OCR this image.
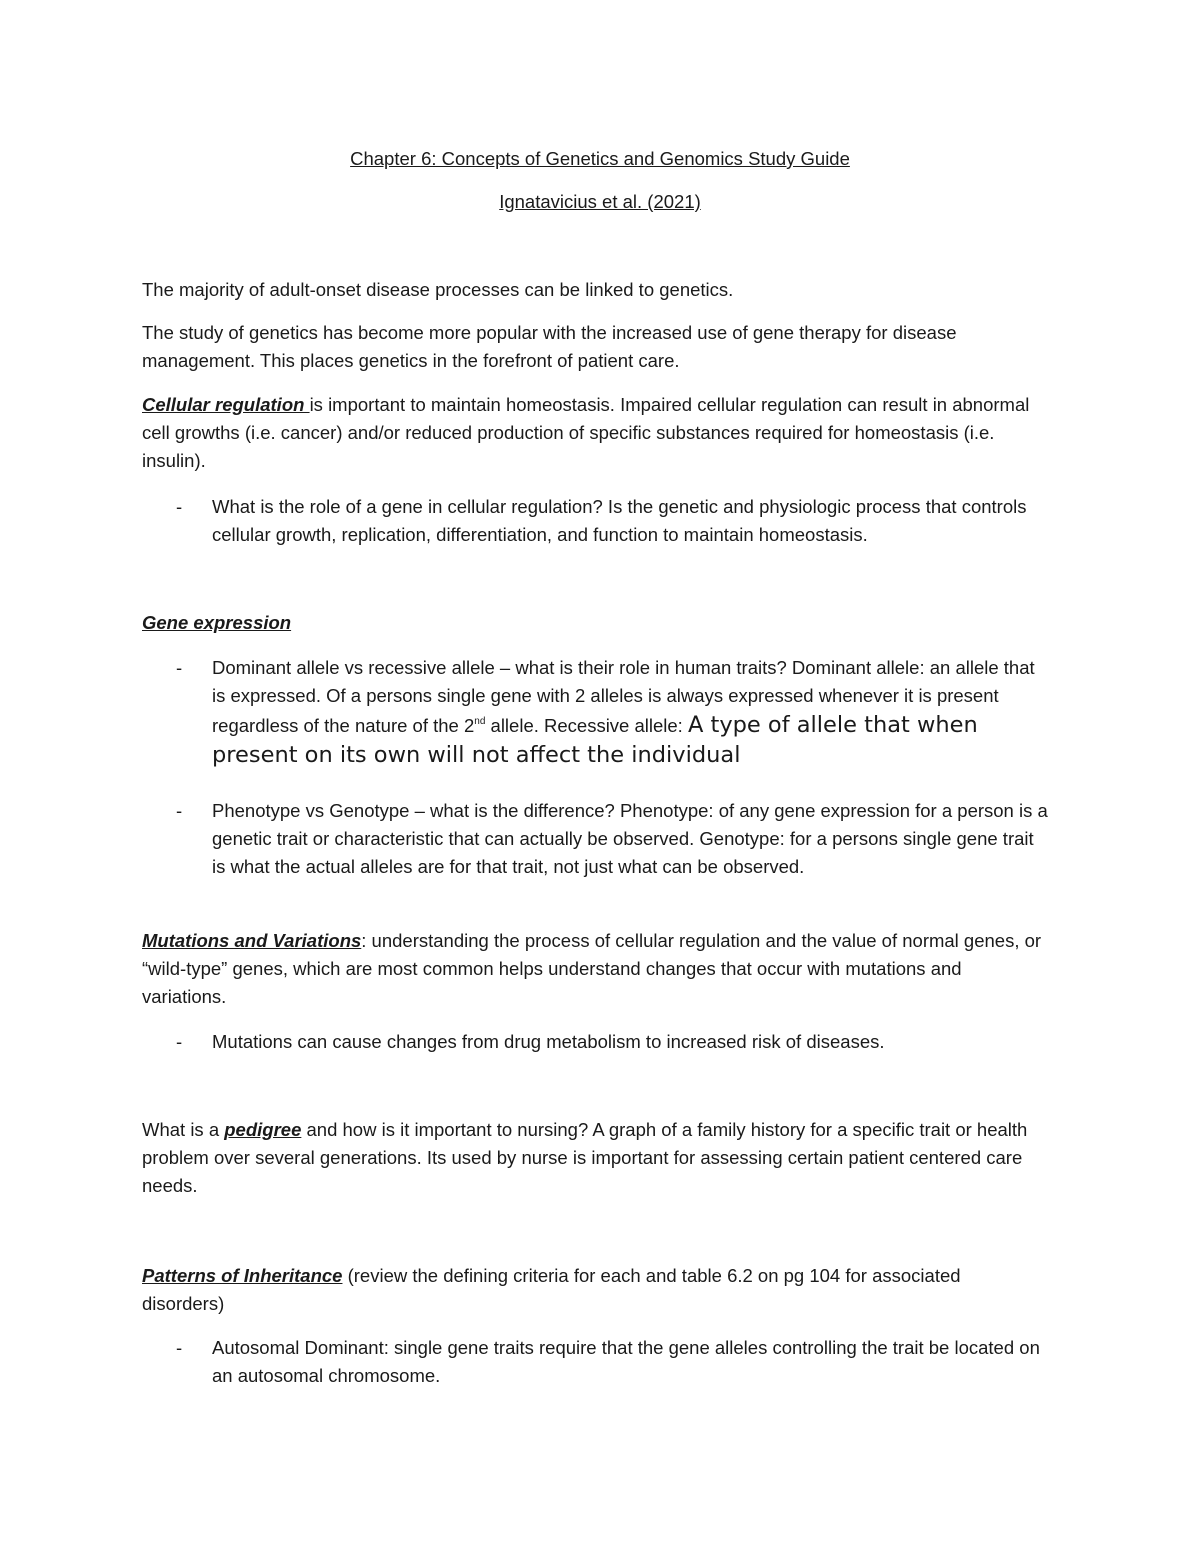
Chapter 6: Concepts of Genetics and Genomics Study Guide

Ignatavicius et al. (2021)

The majority of adult-onset disease processes can be linked to genetics.

The study of genetics has become more popular with the increased use of gene therapy for disease management. This places genetics in the forefront of patient care.

Cellular regulation is important to maintain homeostasis. Impaired cellular regulation can result in abnormal cell growths (i.e. cancer) and/or reduced production of specific substances required for homeostasis (i.e. insulin).

- What is the role of a gene in cellular regulation? Is the genetic and physiologic process that controls cellular growth, replication, differentiation, and function to maintain homeostasis.

Gene expression

- Dominant allele vs recessive allele – what is their role in human traits? Dominant allele: an allele that is expressed. Of a persons single gene with 2 alleles is always expressed whenever it is present regardless of the nature of the 2nd allele. Recessive allele: A type of allele that when present on its own will not affect the individual
- Phenotype vs Genotype – what is the difference? Phenotype: of any gene expression for a person is a genetic trait or characteristic that can actually be observed. Genotype: for a persons single gene trait is what the actual alleles are for that trait, not just what can be observed.

Mutations and Variations: understanding the process of cellular regulation and the value of normal genes, or “wild-type” genes, which are most common helps understand changes that occur with mutations and variations.

- Mutations can cause changes from drug metabolism to increased risk of diseases.

What is a pedigree and how is it important to nursing? A graph of a family history for a specific trait or health problem over several generations. Its used by nurse is important for assessing certain patient centered care needs.

Patterns of Inheritance (review the defining criteria for each and table 6.2 on pg 104 for associated disorders)

- Autosomal Dominant: single gene traits require that the gene alleles controlling the trait be located on an autosomal chromosome.
